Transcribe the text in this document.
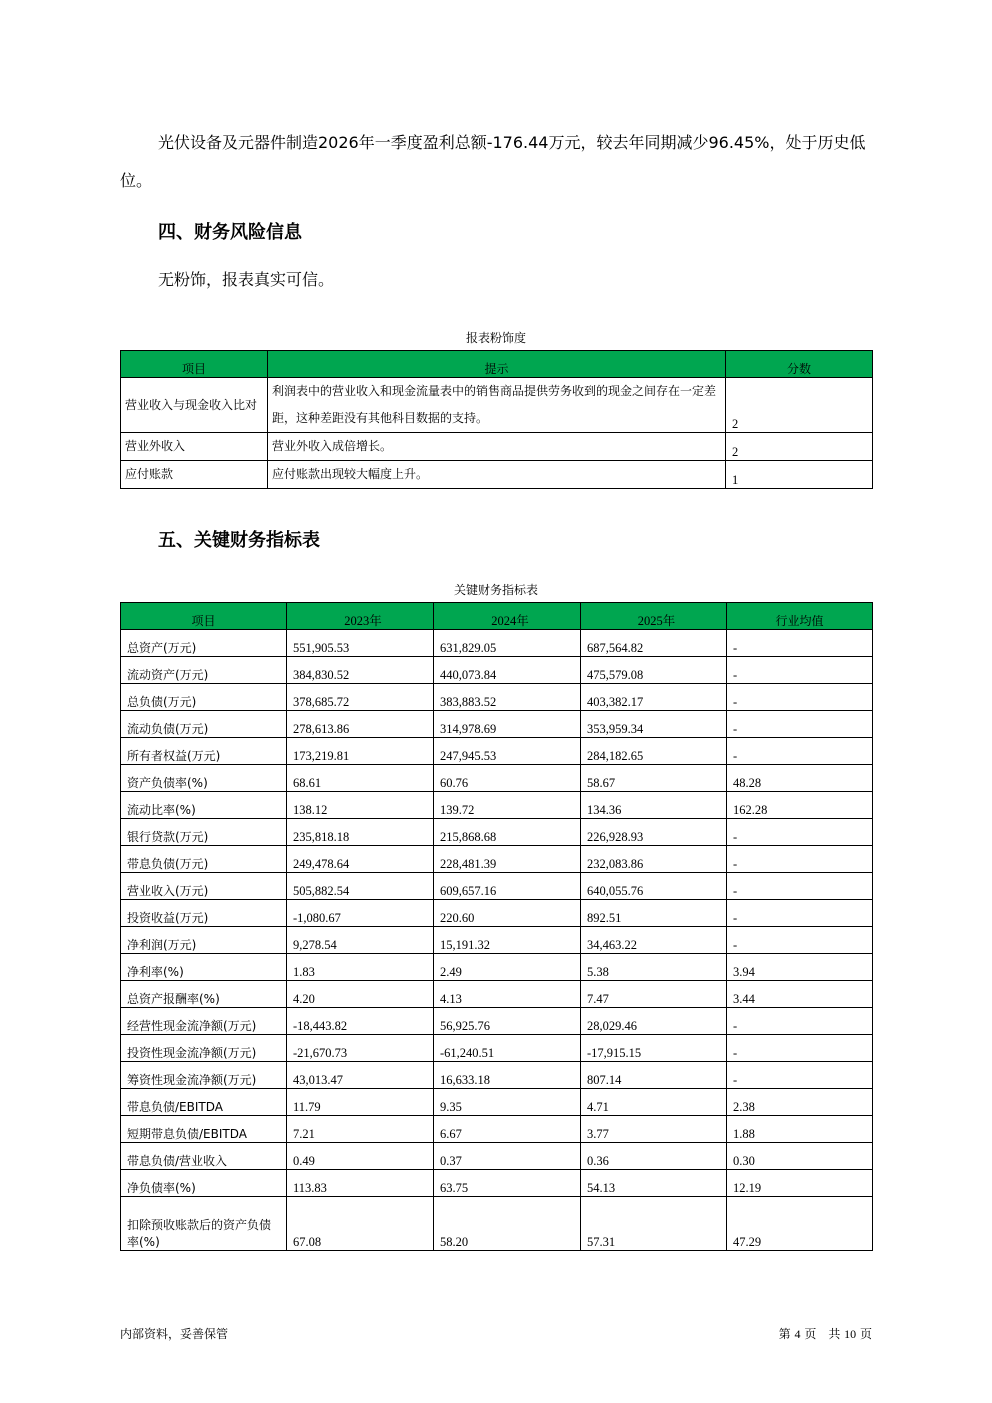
光伏设备及元器件制造2026年一季度盈利总额-176.44万元，较去年同期减少96.45%，处于历史低位。

四、财务风险信息

无粉饰，报表真实可信。

报表粉饰度
项目	提示	分数
营业收入与现金收入比对	利润表中的营业收入和现金流量表中的销售商品提供劳务收到的现金之间存在一定差距，这种差距没有其他科目数据的支持。	2
营业外收入	营业外收入成倍增长。	2
应付账款	应付账款出现较大幅度上升。	1
五、关键财务指标表
关键财务指标表
项目	2023年	2024年	2025年	行业均值
总资产(万元)	551,905.53	631,829.05	687,564.82	-
流动资产(万元)	384,830.52	440,073.84	475,579.08	-
总负债(万元)	378,685.72	383,883.52	403,382.17	-
流动负债(万元)	278,613.86	314,978.69	353,959.34	-
所有者权益(万元)	173,219.81	247,945.53	284,182.65	-
资产负债率(%)	68.61	60.76	58.67	48.28
流动比率(%)	138.12	139.72	134.36	162.28
银行贷款(万元)	235,818.18	215,868.68	226,928.93	-
带息负债(万元)	249,478.64	228,481.39	232,083.86	-
营业收入(万元)	505,882.54	609,657.16	640,055.76	-
投资收益(万元)	-1,080.67	220.60	892.51	-
净利润(万元)	9,278.54	15,191.32	34,463.22	-
净利率(%)	1.83	2.49	5.38	3.94
总资产报酬率(%)	4.20	4.13	7.47	3.44
经营性现金流净额(万元)	-18,443.82	56,925.76	28,029.46	-
投资性现金流净额(万元)	-21,670.73	-61,240.51	-17,915.15	-
筹资性现金流净额(万元)	43,013.47	16,633.18	807.14	-
带息负债/EBITDA	11.79	9.35	4.71	2.38
短期带息负债/EBITDA	7.21	6.67	3.77	1.88
带息负债/营业收入	0.49	0.37	0.36	0.30
净负债率(%)	113.83	63.75	54.13	12.19
扣除预收账款后的资产负债率(%)	67.08	58.20	57.31	47.29
内部资料，妥善保管	第 4 页　共 10 页
